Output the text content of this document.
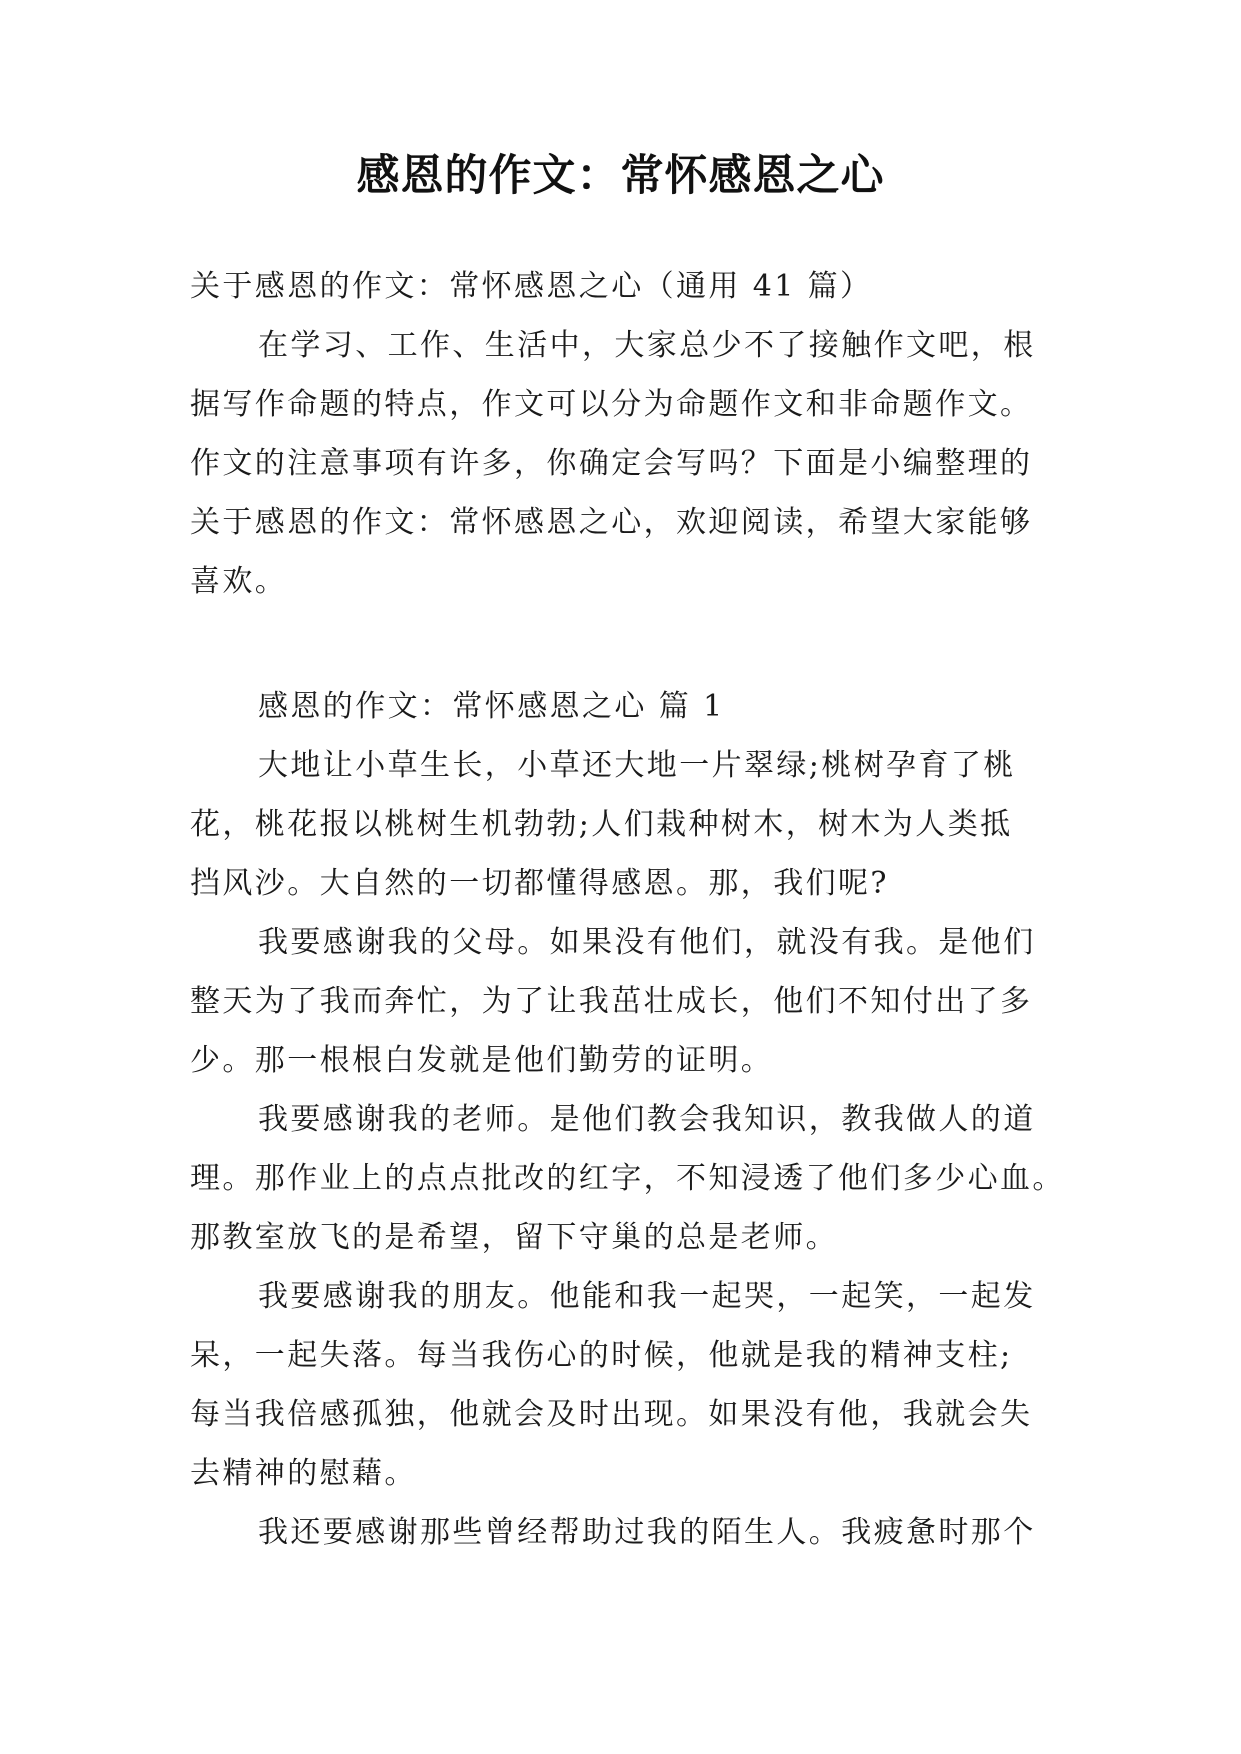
感恩的作文：常怀感恩之心
关于感恩的作文：常怀感恩之心（通用 41 篇）
在学习、工作、生活中，大家总少不了接触作文吧，根
据写作命题的特点，作文可以分为命题作文和非命题作文。
作文的注意事项有许多，你确定会写吗？下面是小编整理的
关于感恩的作文：常怀感恩之心，欢迎阅读，希望大家能够
喜欢。
感恩的作文：常怀感恩之心 篇 1
大地让小草生长，小草还大地一片翠绿;桃树孕育了桃
花，桃花报以桃树生机勃勃;人们栽种树木，树木为人类抵
挡风沙。大自然的一切都懂得感恩。那，我们呢?
我要感谢我的父母。如果没有他们，就没有我。是他们
整天为了我而奔忙，为了让我茁壮成长，他们不知付出了多
少。那一根根白发就是他们勤劳的证明。
我要感谢我的老师。是他们教会我知识，教我做人的道
理。那作业上的点点批改的红字，不知浸透了他们多少心血。
那教室放飞的是希望，留下守巢的总是老师。
我要感谢我的朋友。他能和我一起哭，一起笑，一起发
呆，一起失落。每当我伤心的时候，他就是我的精神支柱;
每当我倍感孤独，他就会及时出现。如果没有他，我就会失
去精神的慰藉。
我还要感谢那些曾经帮助过我的陌生人。我疲惫时那个
